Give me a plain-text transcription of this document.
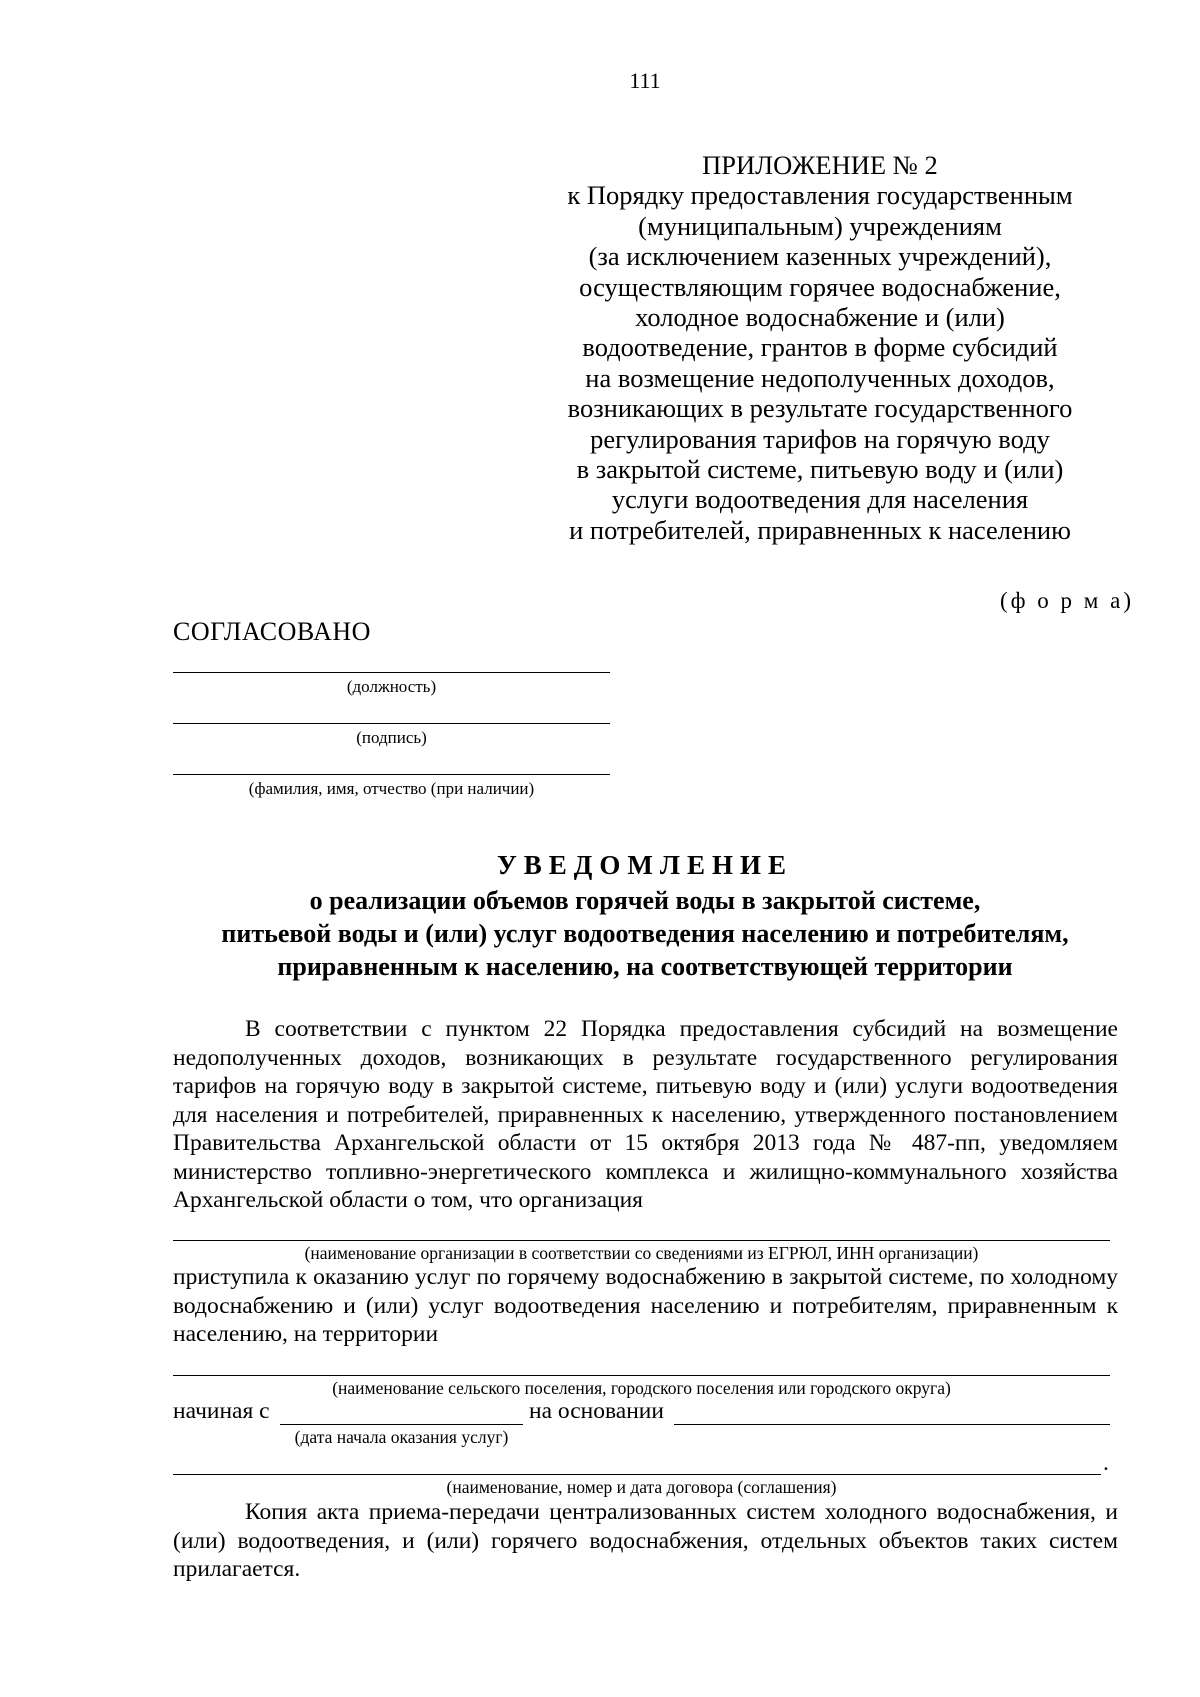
111
ПРИЛОЖЕНИЕ № 2
к Порядку предоставления государственным
(муниципальным) учреждениям
(за исключением казенных учреждений),
осуществляющим горячее водоснабжение,
холодное водоснабжение и (или)
водоотведение, грантов в форме субсидий
на возмещение недополученных доходов,
возникающих в результате государственного
регулирования тарифов на горячую воду
в закрытой системе, питьевую воду и (или)
услуги водоотведения для населения
и потребителей, приравненных к населению
(ф о р м а)
СОГЛАСОВАНО
(должность)
(подпись)
(фамилия, имя, отчество (при наличии)
УВЕДОМЛЕНИЕ
о реализации объемов горячей воды в закрытой системе,
питьевой воды и (или) услуг водоотведения населению и потребителям,
приравненным к населению, на соответствующей территории
В соответствии с пунктом 22 Порядка предоставления субсидий на возмещение недополученных доходов, возникающих в результате государственного регулирования тарифов на горячую воду в закрытой системе, питьевую воду и (или) услуги водоотведения для населения и потребителей, приравненных к населению, утвержденного постановлением Правительства Архангельской области от 15 октября 2013 года № 487-пп, уведомляем министерство топливно-энергетического комплекса и жилищно-коммунального хозяйства Архангельской области о том, что организация
(наименование организации в соответствии со сведениями из ЕГРЮЛ, ИНН организации)
приступила к оказанию услуг по горячему водоснабжению в закрытой системе, по холодному водоснабжению и (или) услуг водоотведения населению и потребителям, приравненным к населению, на территории
(наименование сельского поселения, городского поселения или городского округа)
начиная с	на основании
(дата начала оказания услуг)
.
(наименование, номер и дата договора (соглашения)
Копия акта приема-передачи централизованных систем холодного водоснабжения, и (или) водоотведения, и (или) горячего водоснабжения, отдельных объектов таких систем прилагается.
